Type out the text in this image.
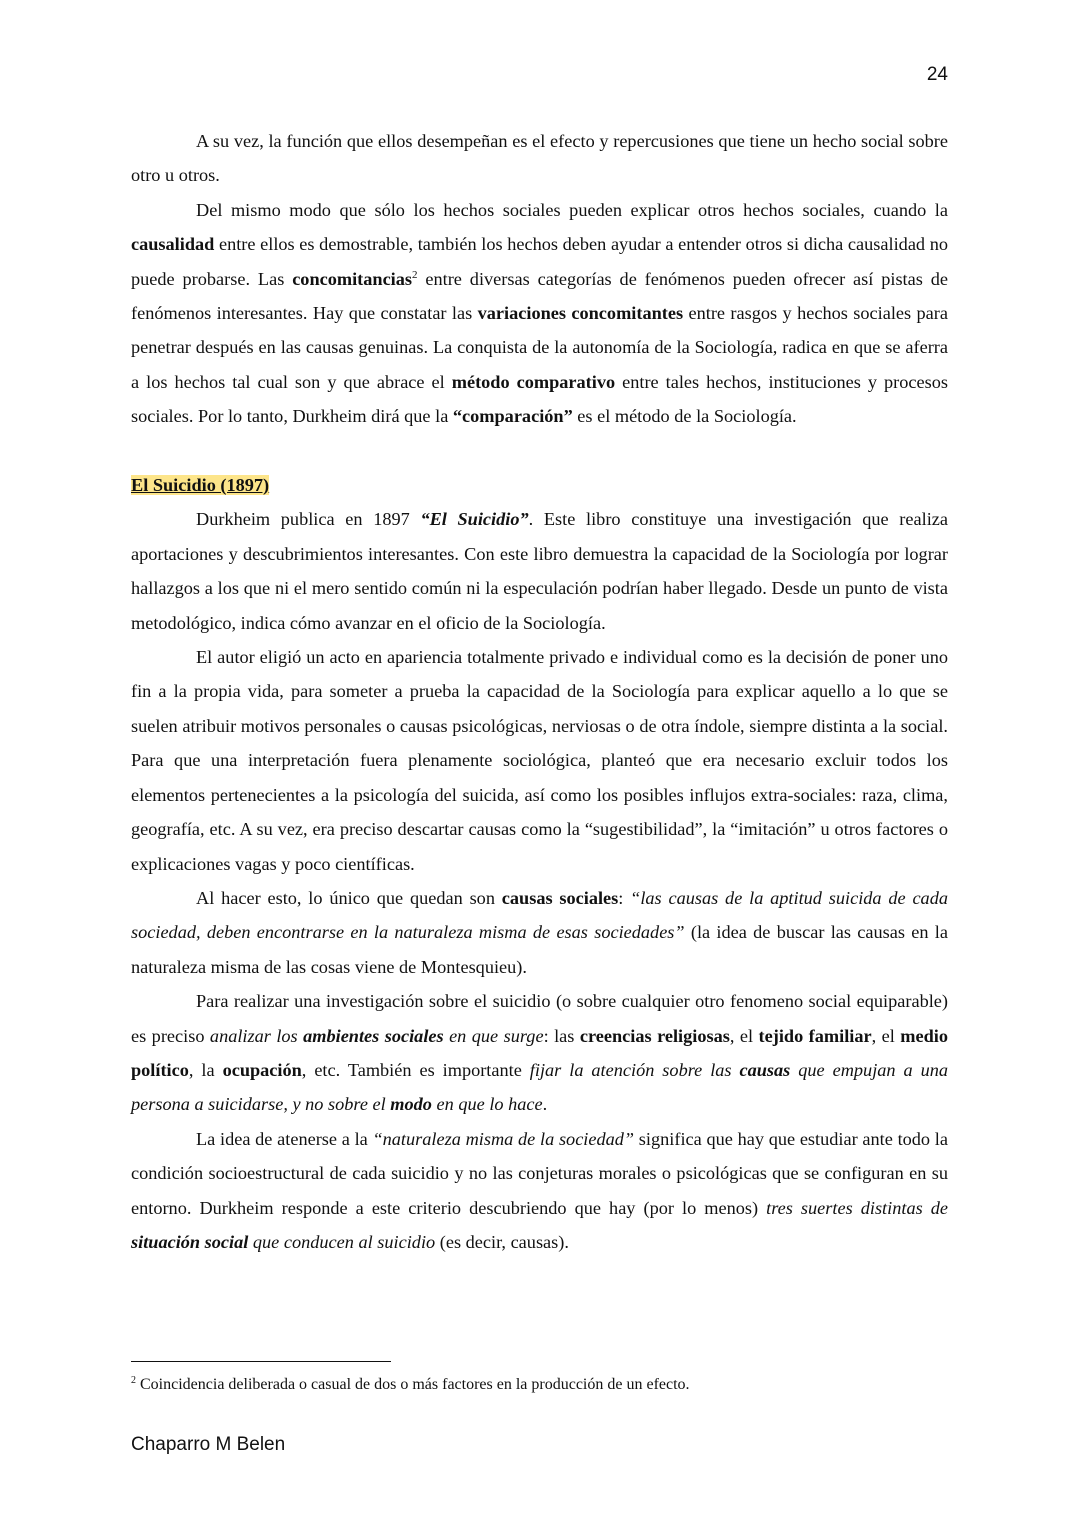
24

A su vez, la función que ellos desempeñan es el efecto y repercusiones que tiene un hecho social sobre otro u otros.

Del mismo modo que sólo los hechos sociales pueden explicar otros hechos sociales, cuando la causalidad entre ellos es demostrable, también los hechos deben ayudar a entender otros si dicha causalidad no puede probarse. Las concomitancias$^2$ entre diversas categorías de fenómenos pueden ofrecer así pistas de fenómenos interesantes. Hay que constatar las variaciones concomitantes entre rasgos y hechos sociales para penetrar después en las causas genuinas. La conquista de la autonomía de la Sociología, radica en que se aferra a los hechos tal cual son y que abrace el método comparativo entre tales hechos, instituciones y procesos sociales. Por lo tanto, Durkheim dirá que la “comparación” es el método de la Sociología.

El Suicidio (1897)

Durkheim publica en 1897 “El Suicidio”. Este libro constituye una investigación que realiza aportaciones y descubrimientos interesantes. Con este libro demuestra la capacidad de la Sociología por lograr hallazgos a los que ni el mero sentido común ni la especulación podrían haber llegado. Desde un punto de vista metodológico, indica cómo avanzar en el oficio de la Sociología.

El autor eligió un acto en apariencia totalmente privado e individual como es la decisión de poner uno fin a la propia vida, para someter a prueba la capacidad de la Sociología para explicar aquello a lo que se suelen atribuir motivos personales o causas psicológicas, nerviosas o de otra índole, siempre distinta a la social. Para que una interpretación fuera plenamente sociológica, planteó que era necesario excluir todos los elementos pertenecientes a la psicología del suicida, así como los posibles influjos extra-sociales: raza, clima, geografía, etc. A su vez, era preciso descartar causas como la “sugestibilidad”, la “imitación” u otros factores o explicaciones vagas y poco científicas.

Al hacer esto, lo único que quedan son causas sociales: “las causas de la aptitud suicida de cada sociedad, deben encontrarse en la naturaleza misma de esas sociedades” (la idea de buscar las causas en la naturaleza misma de las cosas viene de Montesquieu).

Para realizar una investigación sobre el suicidio (o sobre cualquier otro fenomeno social equiparable) es preciso analizar los ambientes sociales en que surge: las creencias religiosas, el tejido familiar, el medio político, la ocupación, etc. También es importante fijar la atención sobre las causas que empujan a una persona a suicidarse, y no sobre el modo en que lo hace.

La idea de atenerse a la “naturaleza misma de la sociedad” significa que hay que estudiar ante todo la condición socioestructural de cada suicidio y no las conjeturas morales o psicológicas que se configuran en su entorno. Durkheim responde a este criterio descubriendo que hay (por lo menos) tres suertes distintas de situación social que conducen al suicidio (es decir, causas).

$^2$ Coincidencia deliberada o casual de dos o más factores en la producción de un efecto.
Chaparro M Belen
